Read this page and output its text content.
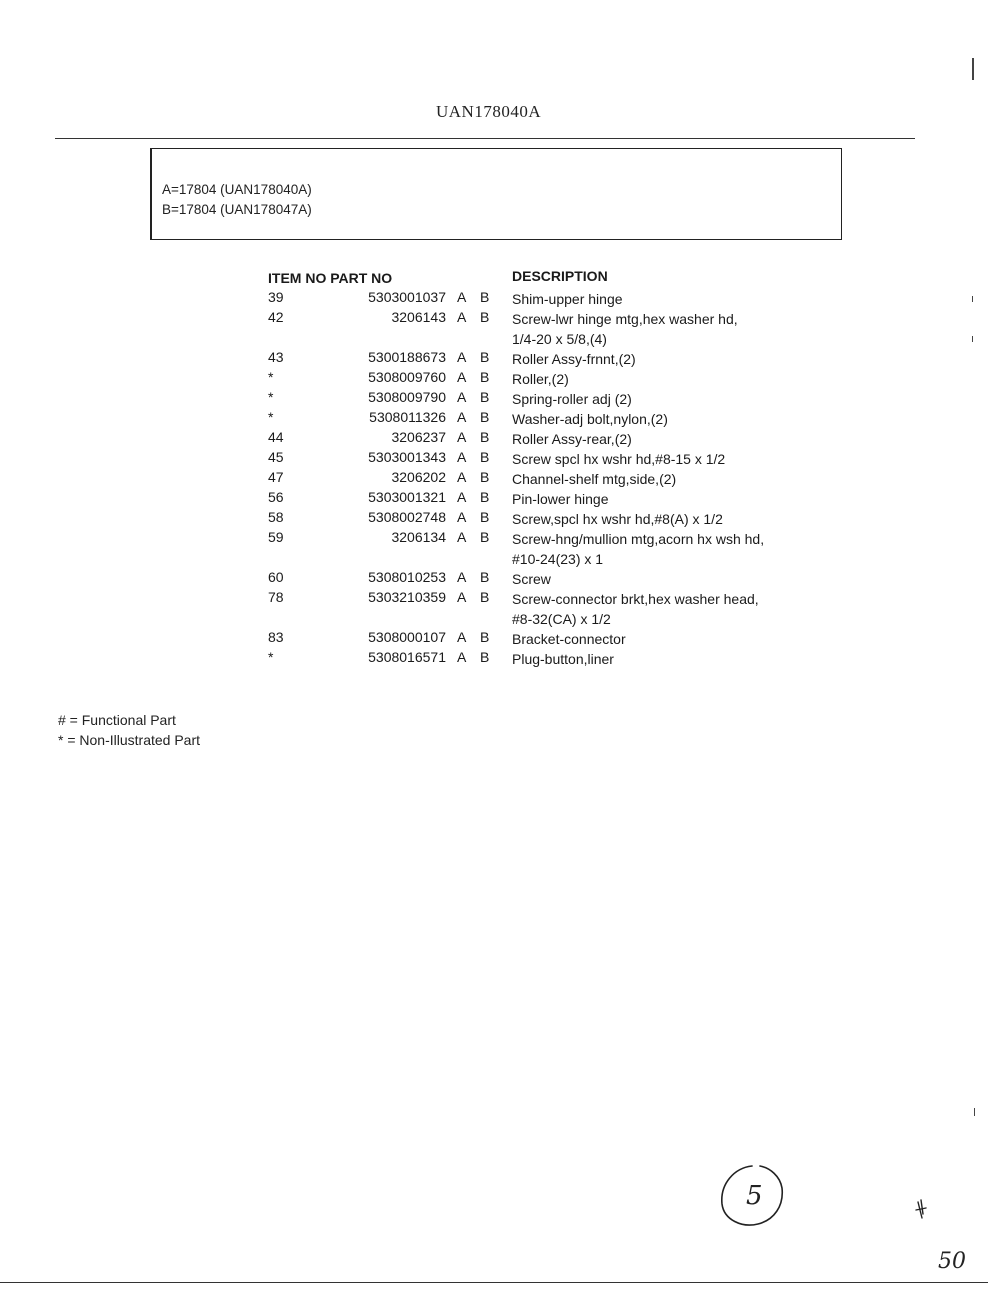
UAN178040A
A=17804 (UAN178040A)
B=17804 (UAN178047A)
ITEM NO PART NO	DESCRIPTION
39	5303001037 A B Shim-upper hinge
42	3206143 A B Screw-lwr hinge mtg,hex washer hd,
1/4-20 x 5/8,(4)
43	5300188673 A B Roller Assy-frnnt,(2)
*	5308009760 A B Roller,(2)
*	5308009790 A B Spring-roller adj (2)
*	5308011326 A B Washer-adj bolt,nylon,(2)
44	3206237 A B Roller Assy-rear,(2)
45	5303001343 A B Screw spcl hx wshr hd,#8-15 x 1/2
47	3206202 A B Channel-shelf mtg,side,(2)
56	5303001321 A B Pin-lower hinge
58	5308002748 A B Screw,spcl hx wshr hd,#8(A) x 1/2
59	3206134 A B Screw-hng/mullion mtg,acorn hx wsh hd,
#10-24(23) x 1
60	5308010253 A B Screw
78	5303210359 A B Screw-connector brkt,hex washer head,
#8-32(CA) x 1/2
83	5308000107 A B Bracket-connector
*	5308016571 A B Plug-button,liner
# = Functional Part
* = Non-Illustrated Part
5
50
